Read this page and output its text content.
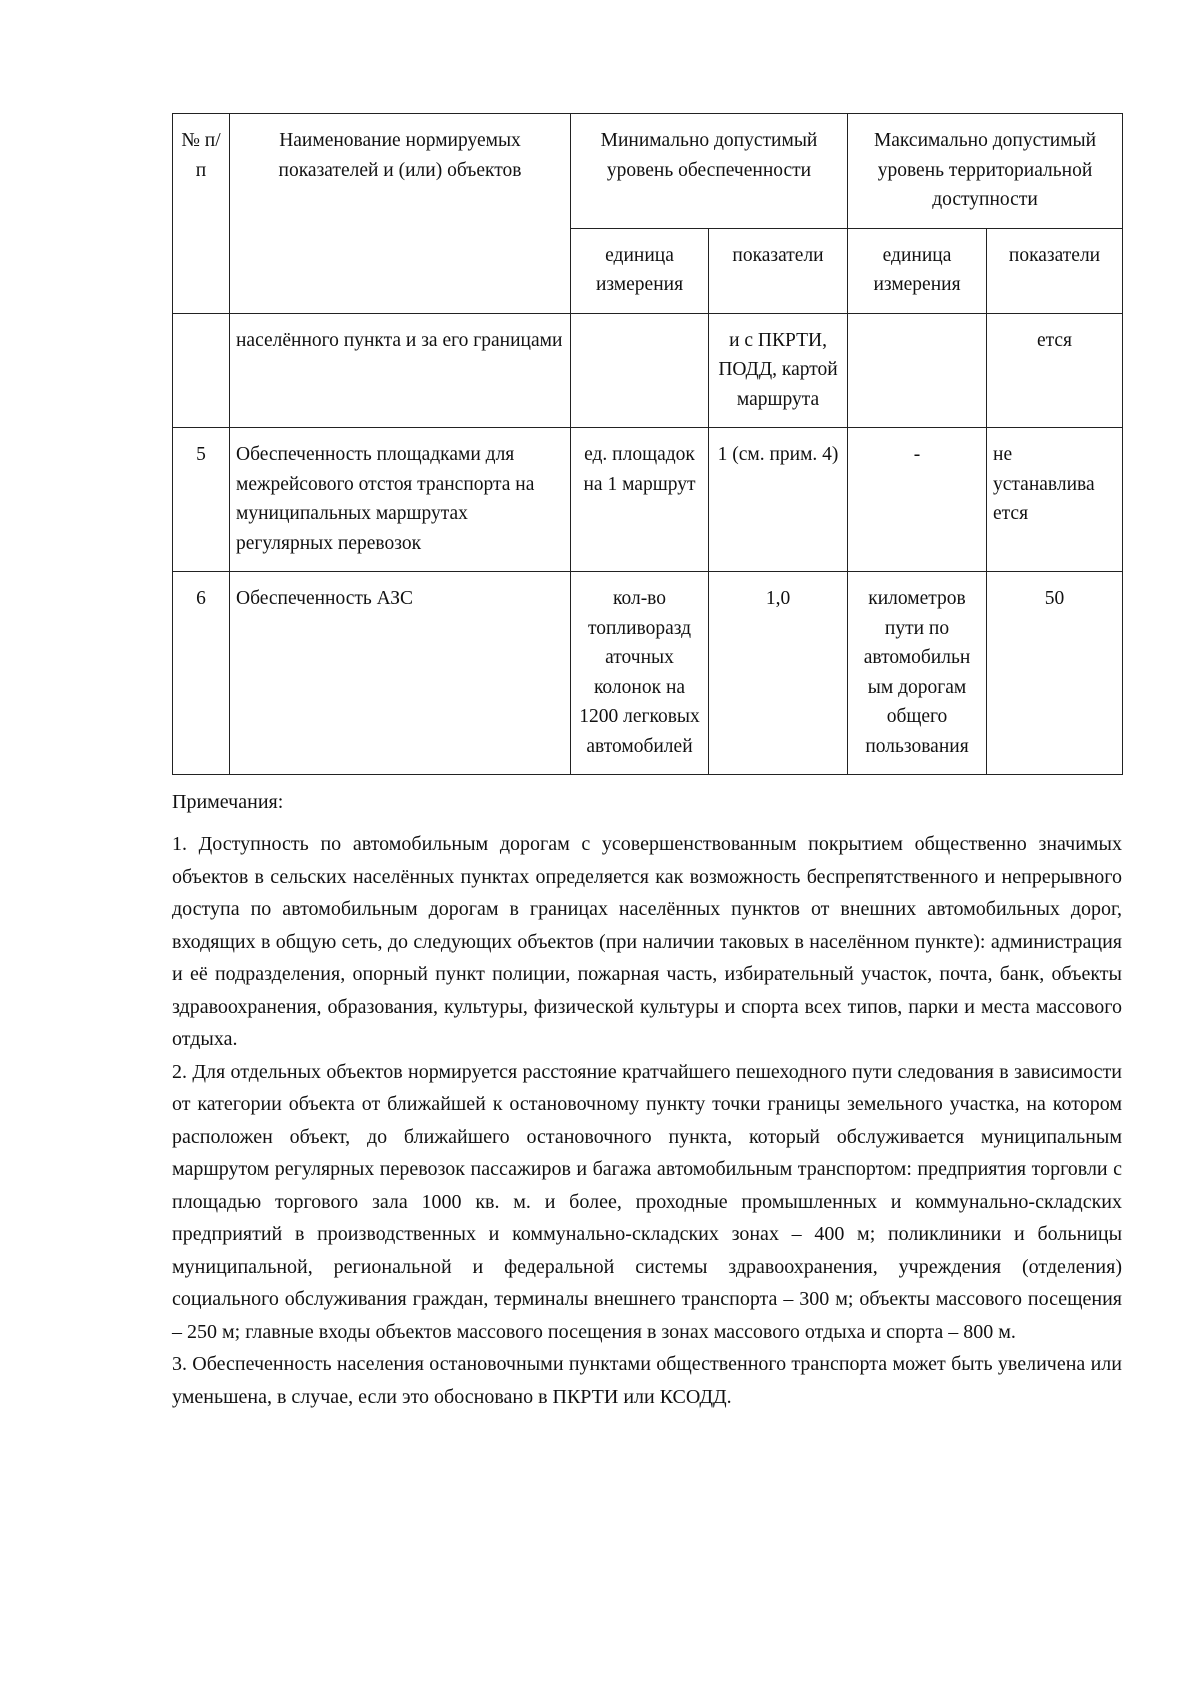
№ п/п	Наименование нормируемых показателей и (или) объектов	Минимально допустимый уровень обеспеченности		Максимально допустимый уровень территориальной доступности	
		единица измерения	показатели	единица измерения	показатели
	населённого пункта и за его границами		и с ПКРТИ, ПОДД, картой маршрута		ется
5	Обеспеченность площадками для межрейсового отстоя транспорта на муниципальных маршрутах регулярных перевозок	ед. площадок на 1 маршрут	1 (см. прим. 4)	-	не устанавлива ется
6	Обеспеченность АЗС	кол-во топливоразд аточных колонок на 1200 легковых автомобилей	1,0	километров пути по автомобильн ым дорогам общего пользования	50
Примечания:

1. Доступность по автомобильным дорогам с усовершенствованным покрытием общественно значимых объектов в сельских населённых пунктах определяется как возможность беспрепятственного и непрерывного доступа по автомобильным дорогам в границах населённых пунктов от внешних автомобильных дорог, входящих в общую сеть, до следующих объектов (при наличии таковых в населённом пункте): администрация и её подразделения, опорный пункт полиции, пожарная часть, избирательный участок, почта, банк, объекты здравоохранения, образования, культуры, физической культуры и спорта всех типов, парки и места массового отдыха.

2. Для отдельных объектов нормируется расстояние кратчайшего пешеходного пути следования в зависимости от категории объекта от ближайшей к остановочному пункту точки границы земельного участка, на котором расположен объект, до ближайшего остановочного пункта, который обслуживается муниципальным маршрутом регулярных перевозок пассажиров и багажа автомобильным транспортом: предприятия торговли с площадью торгового зала 1000 кв. м. и более, проходные промышленных и коммунально-складских предприятий в производственных и коммунально-складских зонах – 400 м; поликлиники и больницы муниципальной, региональной и федеральной системы здравоохранения, учреждения (отделения) социального обслуживания граждан, терминалы внешнего транспорта – 300 м; объекты массового посещения – 250 м; главные входы объектов массового посещения в зонах массового отдыха и спорта – 800 м.

3. Обеспеченность населения остановочными пунктами общественного транспорта может быть увеличена или уменьшена, в случае, если это обосновано в ПКРТИ или КСОДД.
